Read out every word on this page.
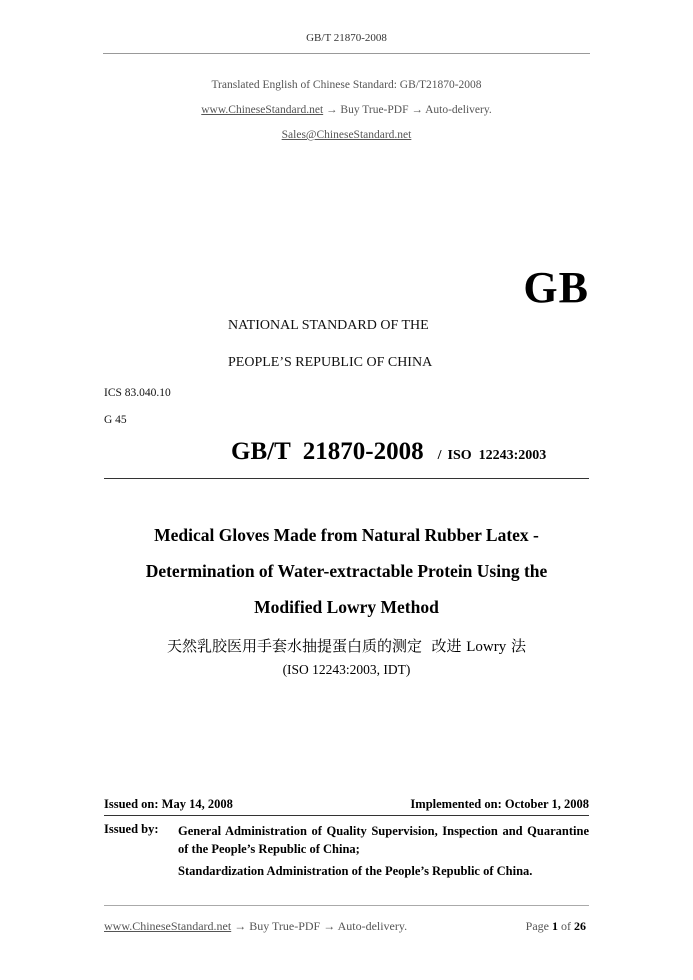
GB/T 21870-2008
Translated English of Chinese Standard: GB/T21870-2008
www.ChineseStandard.net → Buy True-PDF → Auto-delivery.
Sales@ChineseStandard.net
GB
NATIONAL STANDARD OF THE
PEOPLE’S REPUBLIC OF CHINA
ICS 83.040.10
G 45
GB/T  21870-2008 / ISO  12243:2003
Medical Gloves Made from Natural Rubber Latex -
Determination of Water-extractable Protein Using the
Modified Lowry Method
天然乳胶医用手套水抽提蛋白质的测定  改进 Lowry 法
(ISO 12243:2003, IDT)
Issued on: May 14, 2008	Implemented on: October 1, 2008
Issued by: General Administration of Quality Supervision, Inspection and Quarantine of the People’s Republic of China;
Standardization Administration of the People’s Republic of China.
www.ChineseStandard.net → Buy True-PDF → Auto-delivery.	Page 1 of 26
